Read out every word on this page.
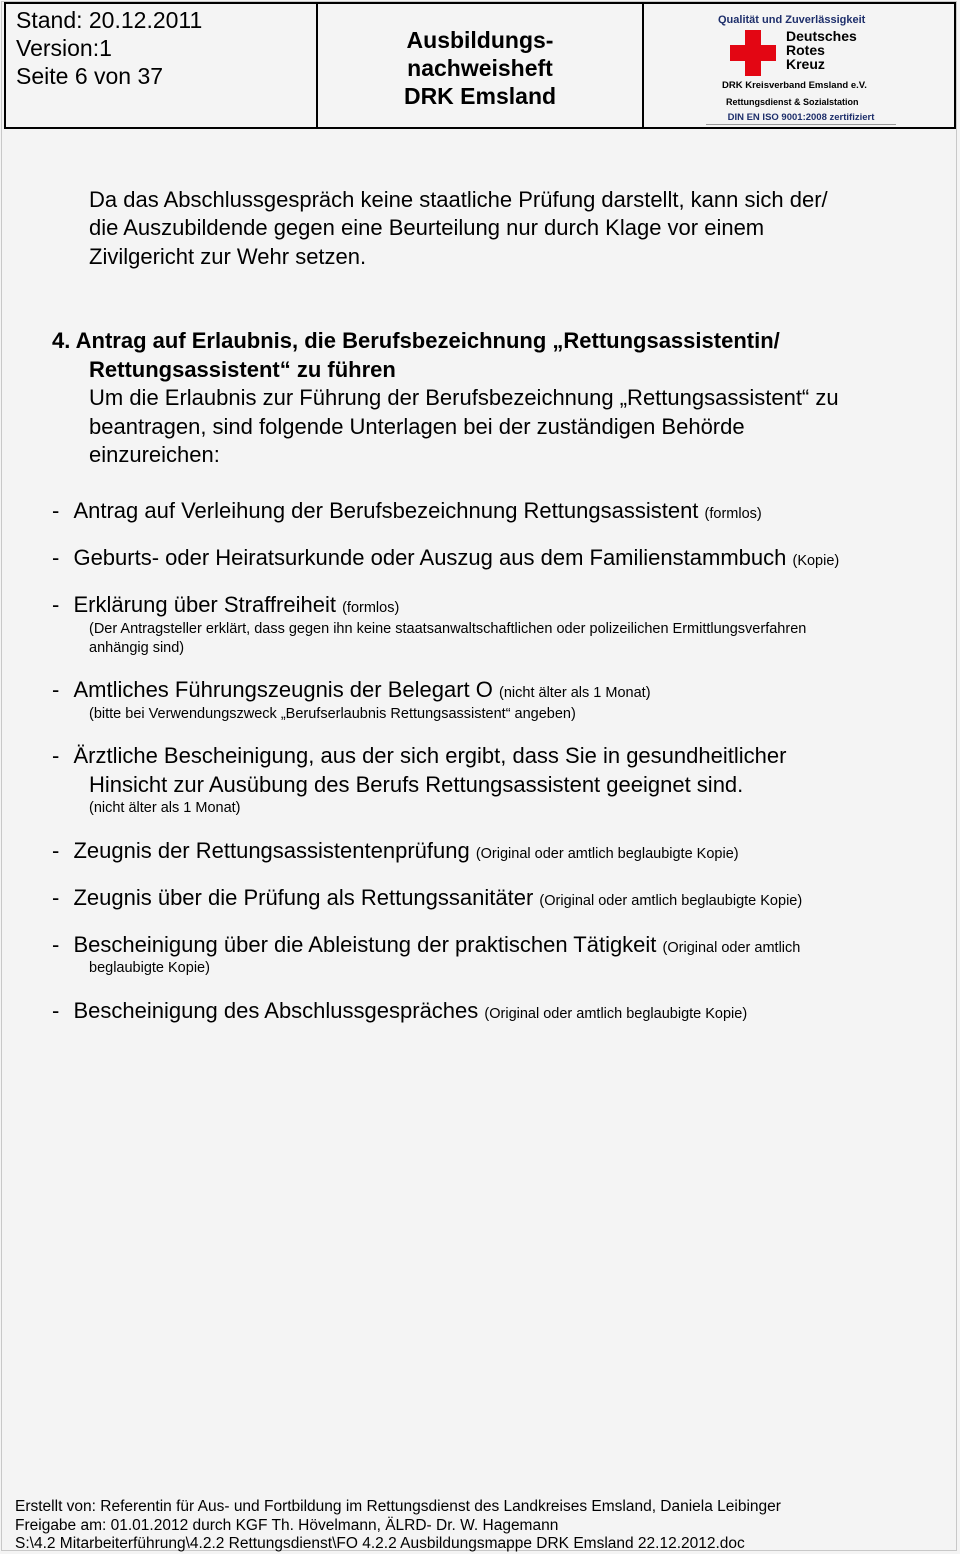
Stand: 20.12.2011
Version:1
Seite 6 von 37
Ausbildungs-
nachweisheft
DRK Emsland
Qualität und Zuverlässigkeit
Deutsches
Rotes
Kreuz
DRK Kreisverband Emsland e.V.
Rettungsdienst & Sozialstation
DIN EN ISO 9001:2008 zertifiziert
Da das Abschlussgespräch keine staatliche Prüfung darstellt, kann sich der/
die Auszubildende gegen eine Beurteilung nur durch Klage vor einem
Zivilgericht zur Wehr setzen.
4. Antrag auf Erlaubnis, die Berufsbezeichnung „Rettungsassistentin/
Rettungsassistent“ zu führen
Um die Erlaubnis zur Führung der Berufsbezeichnung „Rettungsassistent“ zu
beantragen, sind folgende Unterlagen bei der zuständigen Behörde
einzureichen:
- Antrag auf Verleihung der Berufsbezeichnung Rettungsassistent (formlos)
- Geburts- oder Heiratsurkunde oder Auszug aus dem Familienstammbuch (Kopie)
- Erklärung über Straffreiheit (formlos)
(Der Antragsteller erklärt, dass gegen ihn keine staatsanwaltschaftlichen oder polizeilichen Ermittlungsverfahren
anhängig sind)
- Amtliches Führungszeugnis der Belegart O (nicht älter als 1 Monat)
(bitte bei Verwendungszweck „Berufserlaubnis Rettungsassistent“ angeben)
- Ärztliche Bescheinigung, aus der sich ergibt, dass Sie in gesundheitlicher
Hinsicht zur Ausübung des Berufs Rettungsassistent geeignet sind.
(nicht älter als 1 Monat)
- Zeugnis der Rettungsassistentenprüfung (Original oder amtlich beglaubigte Kopie)
- Zeugnis über die Prüfung als Rettungssanitäter (Original oder amtlich beglaubigte Kopie)
- Bescheinigung über die Ableistung der praktischen Tätigkeit (Original oder amtlich
beglaubigte Kopie)
- Bescheinigung des Abschlussgespräches (Original oder amtlich beglaubigte Kopie)
Erstellt von: Referentin für Aus- und Fortbildung im Rettungsdienst des Landkreises Emsland, Daniela Leibinger
Freigabe am: 01.01.2012 durch KGF Th. Hövelmann, ÄLRD- Dr. W. Hagemann
S:\4.2 Mitarbeiterführung\4.2.2 Rettungsdienst\FO 4.2.2 Ausbildungsmappe DRK Emsland 22.12.2012.doc
